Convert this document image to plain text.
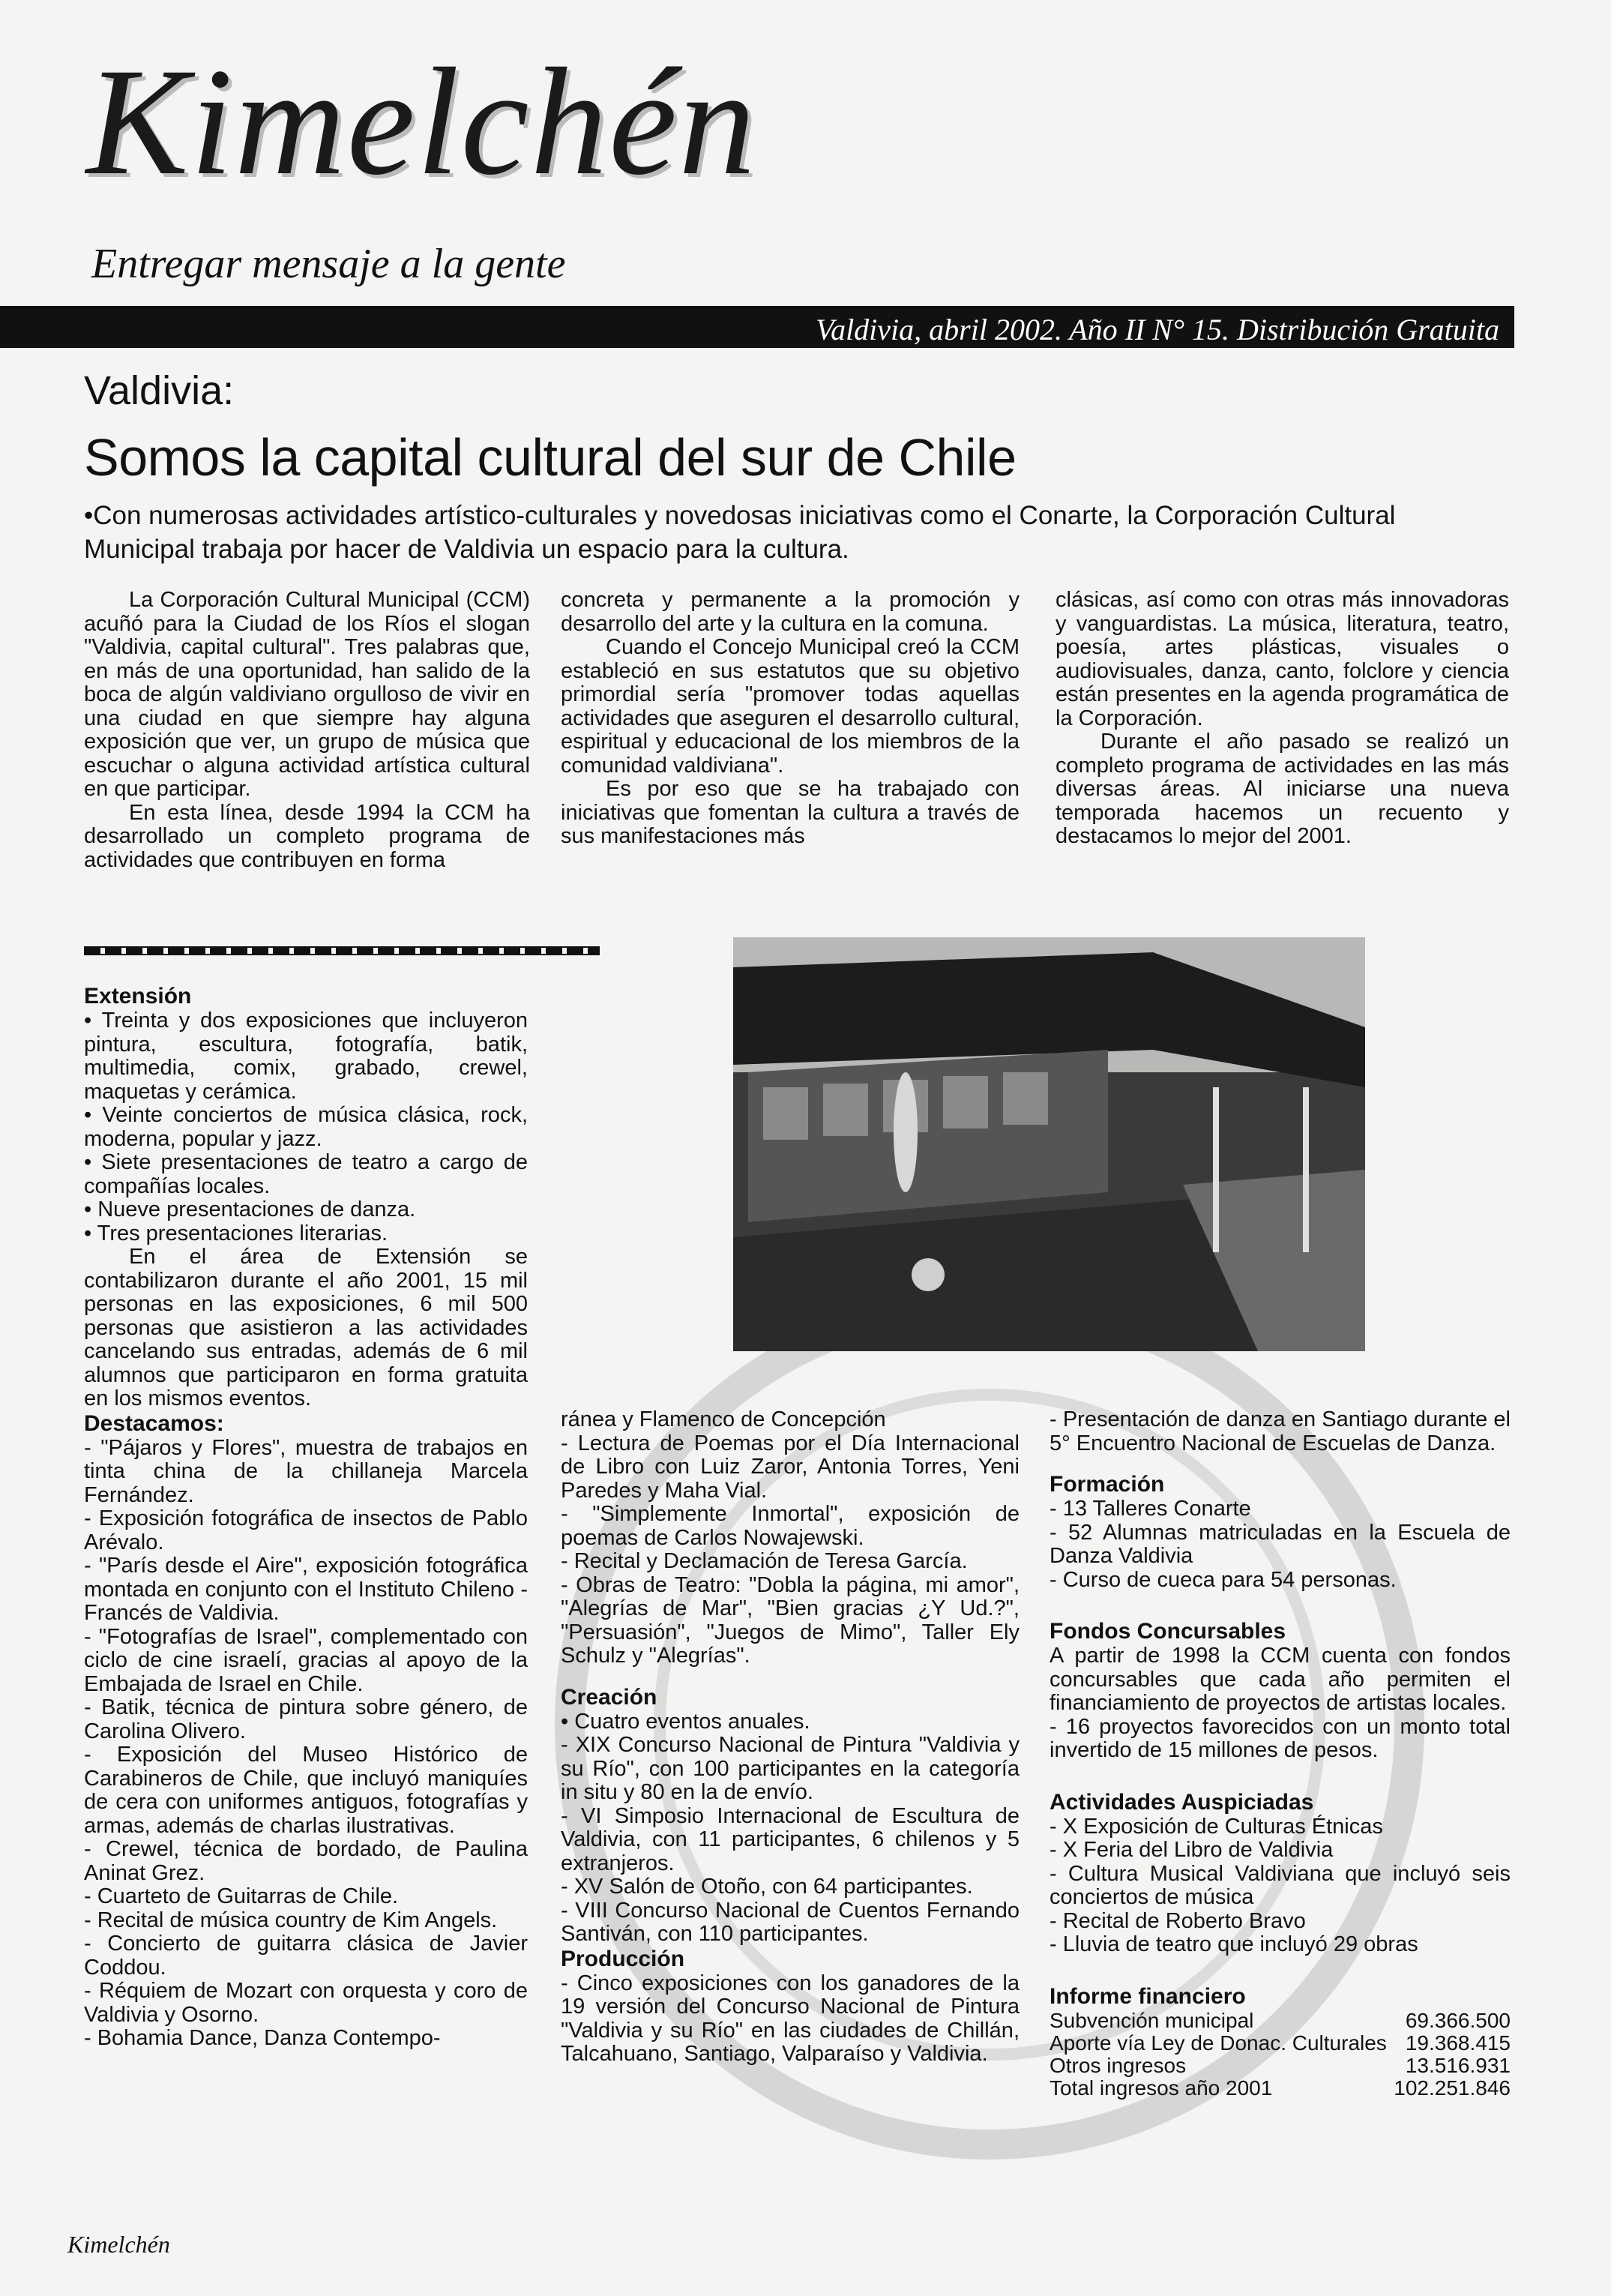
Kimelchén
Entregar mensaje a la gente
Valdivia, abril 2002. Año II N° 15. Distribución Gratuita
Valdivia:
Somos la capital cultural del sur de Chile
•Con numerosas actividades artístico-culturales y novedosas iniciativas como el Conarte, la Corporación Cultural Municipal trabaja por hacer de Valdivia un espacio para la cultura.

La Corporación Cultural Municipal (CCM) acuñó para la Ciudad de los Ríos el slogan "Valdivia, capital cultural". Tres palabras que, en más de una oportunidad, han salido de la boca de algún valdiviano orgulloso de vivir en una ciudad en que siempre hay alguna exposición que ver, un grupo de música que escuchar o alguna actividad artística cultural en que participar.

En esta línea, desde 1994 la CCM ha desarrollado un completo programa de actividades que contribuyen en forma

concreta y permanente a la promoción y desarrollo del arte y la cultura en la comuna.

Cuando el Concejo Municipal creó la CCM estableció en sus estatutos que su objetivo primordial sería "promover todas aquellas actividades que aseguren el desarrollo cultural, espiritual y educacional de los miembros de la comunidad valdiviana".

Es por eso que se ha trabajado con iniciativas que fomentan la cultura a través de sus manifestaciones más

clásicas, así como con otras más innovadoras y vanguardistas. La música, literatura, teatro, poesía, artes plásticas, visuales o audiovisuales, danza, canto, folclore y ciencia están presentes en la agenda programática de la Corporación.

Durante el año pasado se realizó un completo programa de actividades en las más diversas áreas. Al iniciarse una nueva temporada hacemos un recuento y destacamos lo mejor del 2001.

Extensión

• Treinta y dos exposiciones que incluyeron pintura, escultura, fotografía, batik, multimedia, comix, grabado, crewel, maquetas y cerámica.

• Veinte conciertos de música clásica, rock, moderna, popular y jazz.

• Siete presentaciones de teatro a cargo de compañías locales.

• Nueve presentaciones de danza.

• Tres presentaciones literarias.

En el área de Extensión se contabilizaron durante el año 2001, 15 mil personas en las exposiciones, 6 mil 500 personas que asistieron a las actividades cancelando sus entradas, además de 6 mil alumnos que participaron en forma gratuita en los mismos eventos.

Destacamos:

- "Pájaros y Flores", muestra de trabajos en tinta china de la chillaneja Marcela Fernández.

- Exposición fotográfica de insectos de Pablo Arévalo.

- "París desde el Aire", exposición fotográfica montada en conjunto con el Instituto Chileno - Francés de Valdivia.

- "Fotografías de Israel", complementado con ciclo de cine israelí, gracias al apoyo de la Embajada de Israel en Chile.

- Batik, técnica de pintura sobre género, de Carolina Olivero.

- Exposición del Museo Histórico de Carabineros de Chile, que incluyó maniquíes de cera con uniformes antiguos, fotografías y armas, además de charlas ilustrativas.

- Crewel, técnica de bordado, de Paulina Aninat Grez.

- Cuarteto de Guitarras de Chile.

- Recital de música country de Kim Angels.

- Concierto de guitarra clásica de Javier Coddou.

- Réquiem de Mozart con orquesta y coro de Valdivia y Osorno.

- Bohamia Dance, Danza Contempo-

ránea y Flamenco de Concepción

- Lectura de Poemas por el Día Internacional de Libro con Luiz Zaror, Antonia Torres, Yeni Paredes y Maha Vial.

- "Simplemente Inmortal", exposición de poemas de Carlos Nowajewski.

- Recital y Declamación de Teresa García.

- Obras de Teatro: "Dobla la página, mi amor", "Alegrías de Mar", "Bien gracias ¿Y Ud.?", "Persuasión", "Juegos de Mimo", Taller Ely Schulz y "Alegrías".

Creación

• Cuatro eventos anuales.

- XIX Concurso Nacional de Pintura "Valdivia y su Río", con 100 participantes en la categoría in situ y 80 en la de envío.

- VI Simposio Internacional de Escultura de Valdivia, con 11 participantes, 6 chilenos y 5 extranjeros.

- XV Salón de Otoño, con 64 participantes.

- VIII Concurso Nacional de Cuentos Fernando Santiván, con 110 participantes.

Producción

- Cinco exposiciones con los ganadores de la 19 versión del Concurso Nacional de Pintura "Valdivia y su Río" en las ciudades de Chillán, Talcahuano, Santiago, Valparaíso y Valdivia.

- Presentación de danza en Santiago durante el 5° Encuentro Nacional de Escuelas de Danza.

Formación

- 13 Talleres Conarte

- 52 Alumnas matriculadas en la Escuela de Danza Valdivia

- Curso de cueca para 54 personas.

Fondos Concursables

A partir de 1998 la CCM cuenta con fondos concursables que cada año permiten el financiamiento de proyectos de artistas locales.

- 16 proyectos favorecidos con un monto total invertido de 15 millones de pesos.

Actividades Auspiciadas

- X Exposición de Culturas Étnicas

- X Feria del Libro de Valdivia

- Cultura Musical Valdiviana que incluyó seis conciertos de música

- Recital de Roberto Bravo

- Lluvia de teatro que incluyó 29 obras

Informe financiero
Subvención municipal	69.366.500
Aporte vía Ley de Donac. Culturales 19.368.415
Otros ingresos	13.516.931
Total ingresos año 2001	102.251.846
Kimelchén
